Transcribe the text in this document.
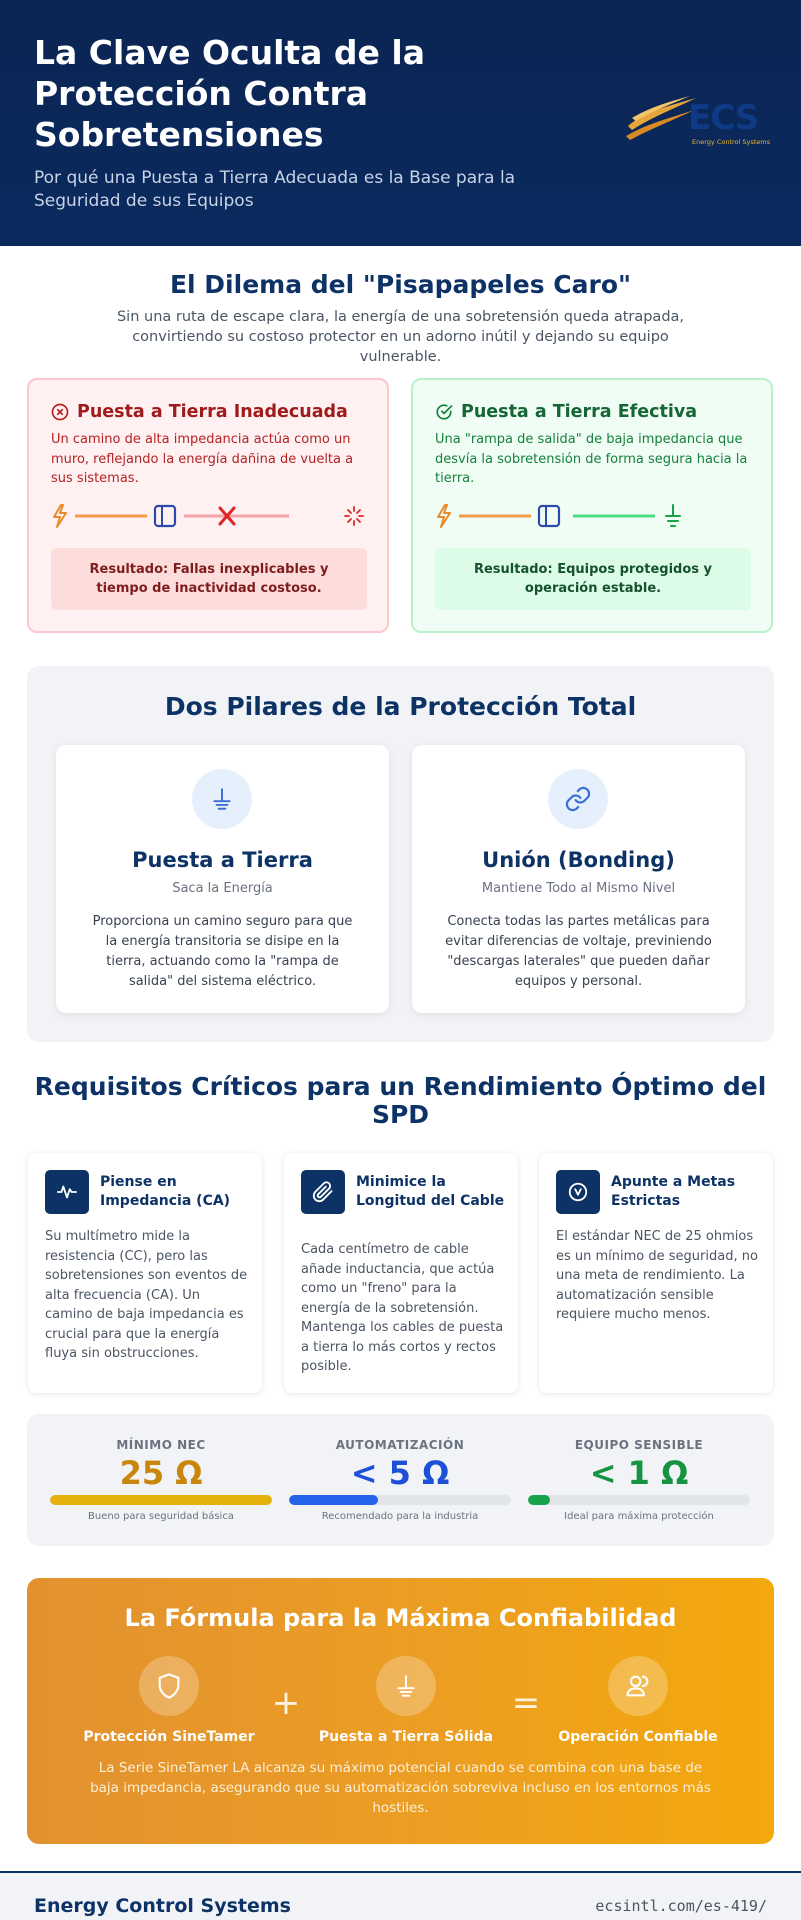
La Clave Oculta de la Protección Contra Sobretensiones

Por qué una Puesta a Tierra Adecuada es la Base para la Seguridad de sus Equipos

ECS
Energy Control Systems
El Dilema del "Pisapapeles Caro"

Sin una ruta de escape clara, la energía de una sobretensión queda atrapada, convirtiendo su costoso protector en un adorno inútil y dejando su equipo vulnerable.

Puesta a Tierra Inadecuada

Un camino de alta impedancia actúa como un muro, reflejando la energía dañina de vuelta a sus sistemas.

Resultado: Fallas inexplicables y tiempo de inactividad costoso.
Puesta a Tierra Efectiva

Una "rampa de salida" de baja impedancia que desvía la sobretensión de forma segura hacia la tierra.

Resultado: Equipos protegidos y operación estable.
Dos Pilares de la Protección Total
Puesta a Tierra
Saca la Energía

Proporciona un camino seguro para que la energía transitoria se disipe en la tierra, actuando como la "rampa de salida" del sistema eléctrico.

Unión (Bonding)
Mantiene Todo al Mismo Nivel

Conecta todas las partes metálicas para evitar diferencias de voltaje, previniendo "descargas laterales" que pueden dañar equipos y personal.

Requisitos Críticos para un Rendimiento Óptimo del SPD
Piense en Impedancia (CA)

Su multímetro mide la resistencia (CC), pero las sobretensiones son eventos de alta frecuencia (CA). Un camino de baja impedancia es crucial para que la energía fluya sin obstrucciones.

Minimice la Longitud del Cable

Cada centímetro de cable añade inductancia, que actúa como un "freno" para la energía de la sobretensión. Mantenga los cables de puesta a tierra lo más cortos y rectos posible.

Apunte a Metas Estrictas

El estándar NEC de 25 ohmios es un mínimo de seguridad, no una meta de rendimiento. La automatización sensible requiere mucho menos.

MÍNIMO NEC
25 Ω
Bueno para seguridad básica
AUTOMATIZACIÓN
< 5 Ω
Recomendado para la industria
EQUIPO SENSIBLE
< 1 Ω
Ideal para máxima protección
La Fórmula para la Máxima Confiabilidad
Protección SineTamer
+
Puesta a Tierra Sólida
=
Operación Confiable

La Serie SineTamer LA alcanza su máximo potencial cuando se combina con una base de baja impedancia, asegurando que su automatización sobreviva incluso en los entornos más hostiles.

Energy Control Systems	ecsintl.com/es-419/
